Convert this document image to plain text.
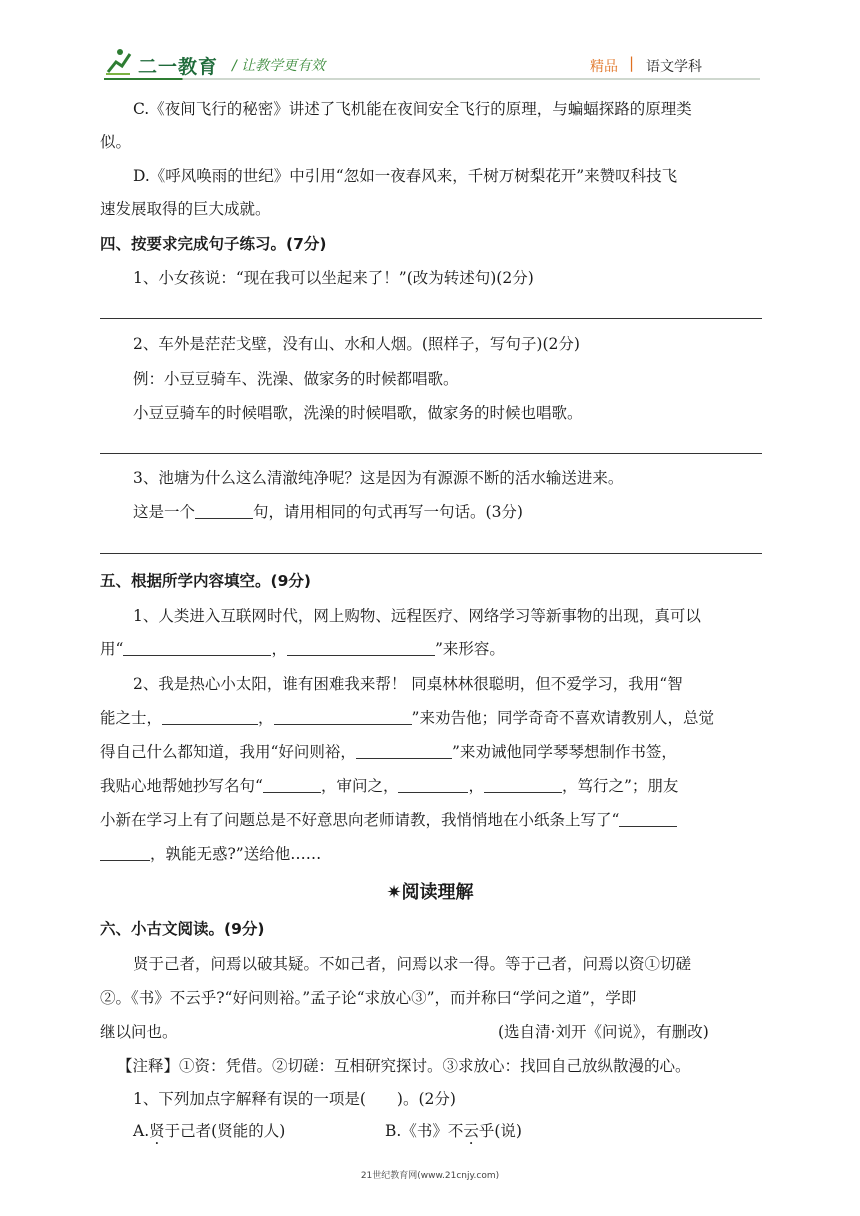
二一教育 / 让教学更有效	精品 | 语文学科
C.《夜间飞行的秘密》讲述了飞机能在夜间安全飞行的原理，与蝙蝠探路的原理类
似。
D.《呼风唤雨的世纪》中引用“忽如一夜春风来，千树万树梨花开”来赞叹科技飞
速发展取得的巨大成就。
四、按要求完成句子练习。(7分)
1、小女孩说：“现在我可以坐起来了！”(改为转述句)(2分)
2、车外是茫茫戈壁，没有山、水和人烟。(照样子，写句子)(2分)
例：小豆豆骑车、洗澡、做家务的时候都唱歌。
小豆豆骑车的时候唱歌，洗澡的时候唱歌，做家务的时候也唱歌。
3、池塘为什么这么清澈纯净呢？这是因为有源源不断的活水输送进来。
这是一个	句，请用相同的句式再写一句话。(3分)
五、根据所学内容填空。(9分)
1、人类进入互联网时代，网上购物、远程医疗、网络学习等新事物的出现，真可以
用“	，	”来形容。
2、我是热心小太阳，谁有困难我来帮！ 同桌林林很聪明，但不爱学习，我用“智
能之士，	，	”来劝告他；同学奇奇不喜欢请教别人，总觉
得自己什么都知道，我用“好问则裕，	”来劝诫他同学琴琴想制作书签，
我贴心地帮她抄写名句“	，审问之，	，	，笃行之”；朋友
小新在学习上有了问题总是不好意思向老师请教，我悄悄地在小纸条上写了“
，孰能无惑?”送给他……
✷阅读理解
六、小古文阅读。(9分)
贤于己者，问焉以破其疑。不如己者，问焉以求一得。等于己者，问焉以资①切磋
②。《书》不云乎?“好问则裕。”孟子论“求放心③”，而并称曰“学问之道”，学即
继以问也。	(选自清·刘开《问说》，有删改)
【注释】①资：凭借。②切磋：互相研究探讨。③求放心：找回自己放纵散漫的心。
1、下列加点字解释有误的一项是(　　)。(2分)
A.贤于己者(贤能的人)	B.《书》不云乎(说)
21世纪教育网(www.21cnjy.com)
